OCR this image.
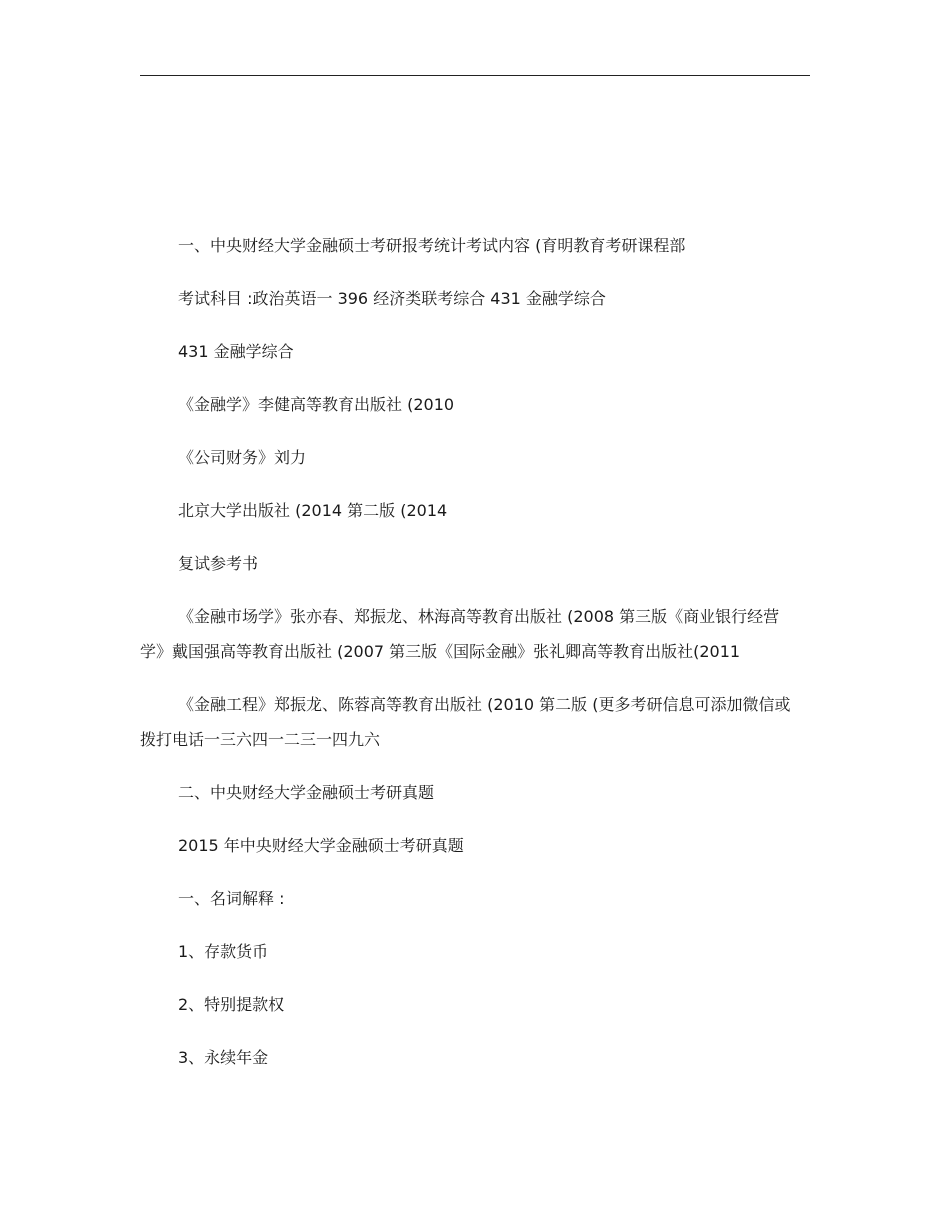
一、中央财经大学金融硕士考研报考统计考试内容 (育明教育考研课程部

考试科目 :政治英语一 396 经济类联考综合 431 金融学综合

431 金融学综合

《金融学》李健高等教育出版社 (2010

《公司财务》刘力

北京大学出版社 (2014 第二版 (2014

复试参考书

《金融市场学》张亦春、郑振龙、林海高等教育出版社 (2008 第三版《商业银行经营学》戴国强高等教育出版社 (2007 第三版《国际金融》张礼卿高等教育出版社(2011

《金融工程》郑振龙、陈蓉高等教育出版社 (2010 第二版 (更多考研信息可添加微信或拨打电话一三六四一二三一四九六

二、中央财经大学金融硕士考研真题

2015 年中央财经大学金融硕士考研真题

一、名词解释 :

1、存款货币

2、特别提款权

3、永续年金
